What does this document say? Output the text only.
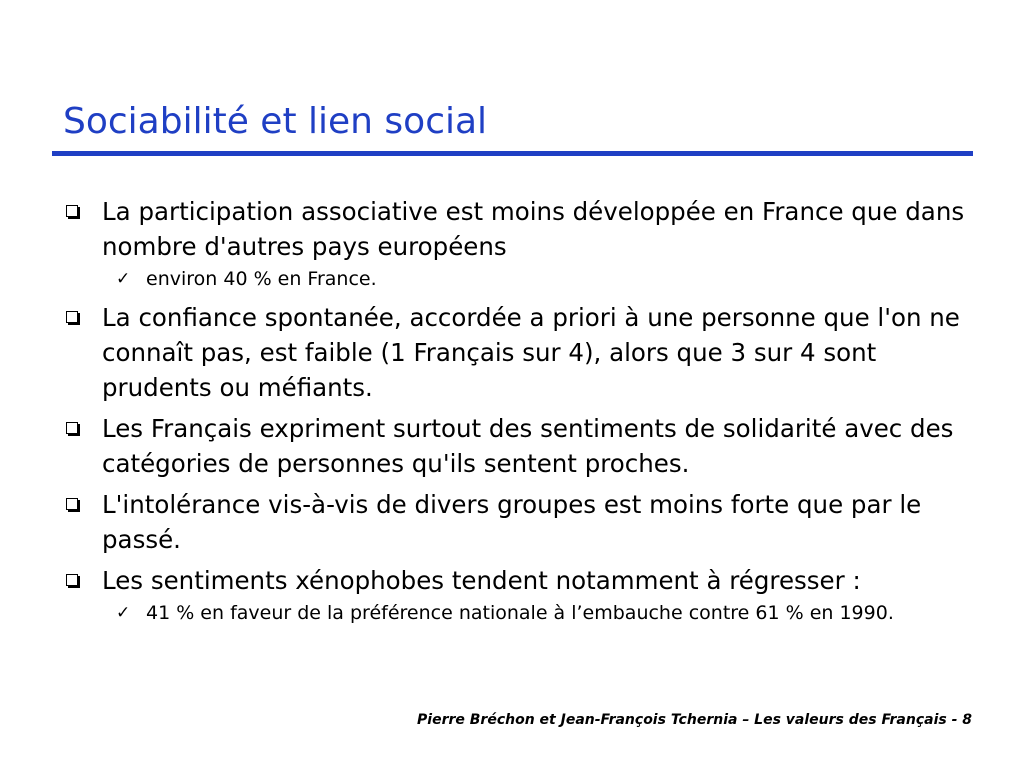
Sociabilité et lien social
La participation associative est moins développée en France que dans nombre d'autres pays européens
✓ environ 40 % en France.
La confiance spontanée, accordée a priori à une personne que l'on ne connaît pas, est faible (1 Français sur 4), alors que 3 sur 4 sont prudents ou méfiants.
Les Français expriment surtout des sentiments de solidarité avec des catégories de personnes qu'ils sentent proches.
L'intolérance vis-à-vis de divers groupes est moins forte que par le passé.
Les sentiments xénophobes tendent notamment à régresser :
✓ 41 % en faveur de la préférence nationale à l’embauche contre 61 % en 1990.
Pierre Bréchon et Jean-François Tchernia – Les valeurs des Français - 8
